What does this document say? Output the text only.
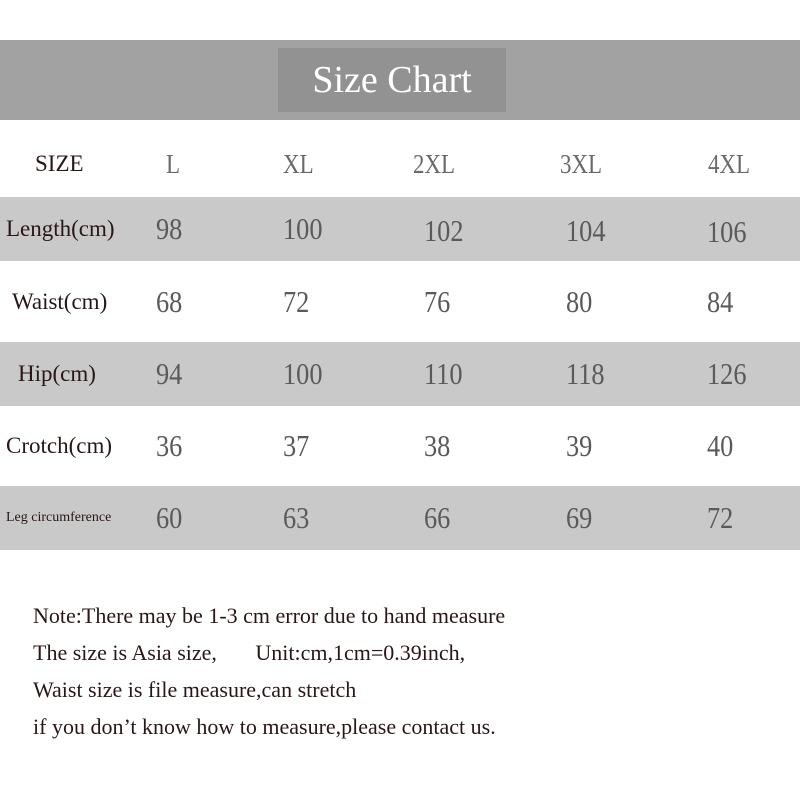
Size Chart
SIZE	L	XL	2XL	3XL	4XL
Length(cm) 98	100	102	104	106
Waist(cm) 68	72	76	80	84
Hip(cm) 94	100	110	118	126
Crotch(cm) 36	37	38	39	40
Leg circumference 60	63	66	69	72
Note:There may be 1-3 cm error due to hand measure
The size is Asia size,       Unit:cm,1cm=0.39inch,
Waist size is file measure,can stretch
if you don’t know how to measure,please contact us.
